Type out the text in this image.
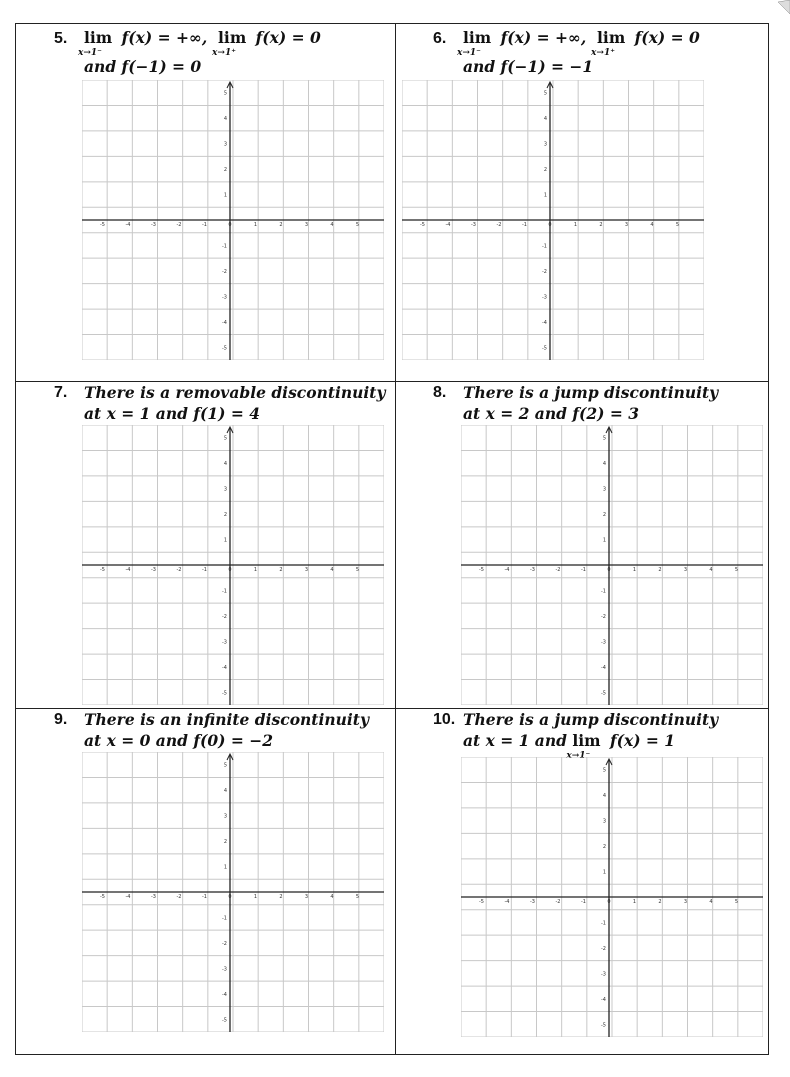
5. lim
x→1⁻
f(x) = +∞, lim
x→1⁺
f(x) = 0
and f(−1) = 0
-5	-4	-3	-2	-1	0	1	2	3	4	5
5
4
3
2
1
-1
-2
-3
-4
-5
6. lim
x→1⁻
f(x) = +∞, lim
x→1⁺
f(x) = 0
and f(−1) = −1
-5	-4	-3	-2	-1	0	1	2	3	4	5
5
4
3
2
1
-1
-2
-3
-4
-5
7. There is a removable discontinuity
at x = 1 and f(1) = 4
-5	-4	-3	-2	-1	0	1	2	3	4	5
5
4
3
2
1
-1
-2
-3
-4
-5
8. There is a jump discontinuity
at x = 2 and f(2) = 3
-5	-4	-3	-2	-1	0	1	2	3	4	5
5
4
3
2
1
-1
-2
-3
-4
-5
9. There is an infinite discontinuity
at x = 0 and f(0) = −2
-5	-4	-3	-2	-1	0	1	2	3	4	5
5
4
3
2
1
-1
-2
-3
-4
-5
10. There is a jump discontinuity
at x = 1 and lim
x→1⁻
f(x) = 1
-5	-4	-3	-2	-1	0	1	2	3	4	5
5
4
3
2
1
-1
-2
-3
-4
-5
